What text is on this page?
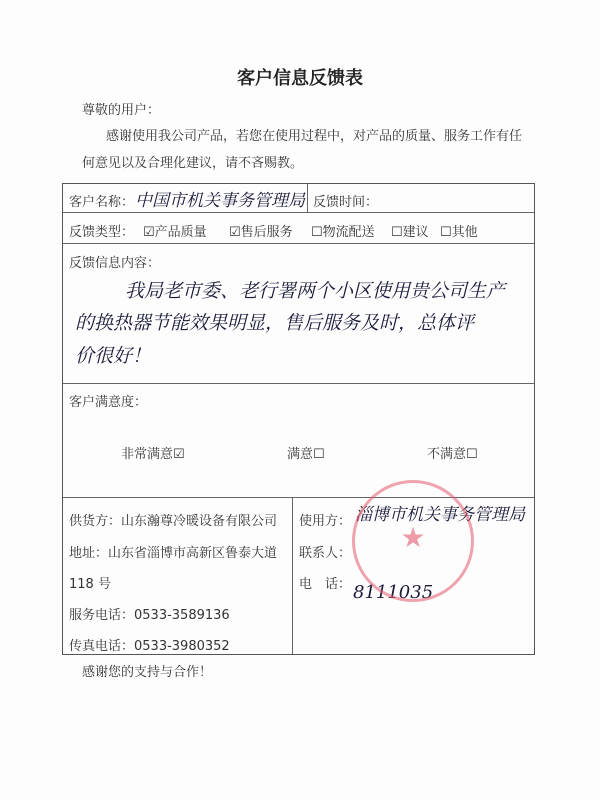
客户信息反馈表
尊敬的用户：
感谢使用我公司产品，若您在使用过程中，对产品的质量、服务工作有任
何意见以及合理化建议，请不吝赐教。
客户名称： 中国市机关事务管理局 反馈时间：
反馈类型： ☑产品质量 ☑售后服务 ☐物流配送 ☐建议 ☐其他
反馈信息内容：
我局老市委、老行署两个小区使用贵公司生产
的换热器节能效果明显，售后服务及时，总体评
价很好！
客户满意度：
非常满意☑	满意☐	不满意☐
供货方：山东瀚尊冷暖设备有限公司
地址：山东省淄博市高新区鲁泰大道
118 号
服务电话：0533-3589136
传真电话：0533-3980352
使用方： 淄博市机关事务管理局
联系人：
电　话： 8111035
★
感谢您的支持与合作！
